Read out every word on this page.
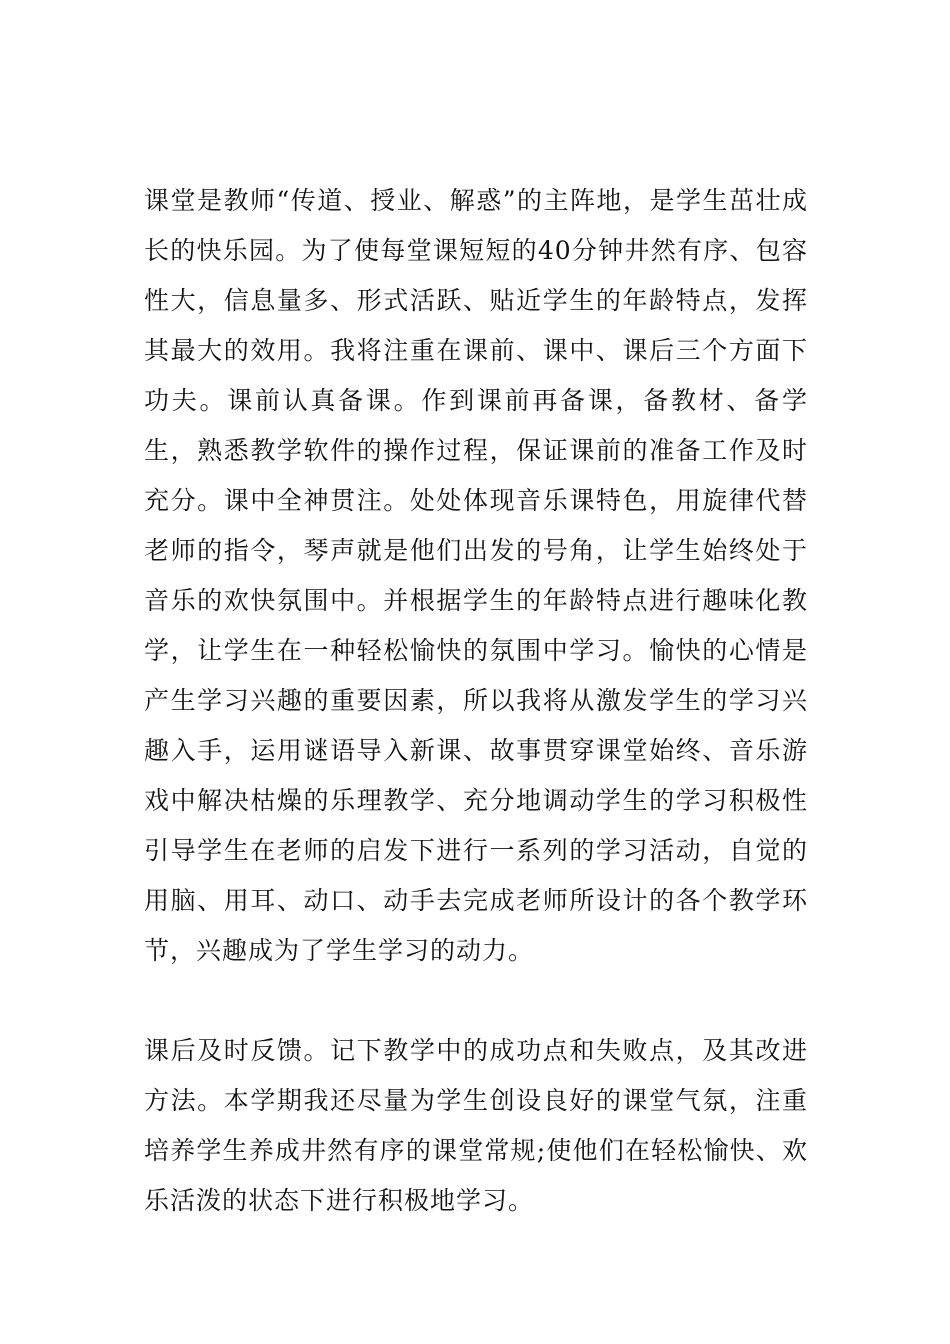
课堂是教师“传道、授业、解惑”的主阵地，是学生茁壮成长的快乐园。为了使每堂课短短的40分钟井然有序、包容性大，信息量多、形式活跃、贴近学生的年龄特点，发挥其最大的效用。我将注重在课前、课中、课后三个方面下功夫。课前认真备课。作到课前再备课，备教材、备学生，熟悉教学软件的操作过程，保证课前的准备工作及时充分。课中全神贯注。处处体现音乐课特色，用旋律代替老师的指令，琴声就是他们出发的号角，让学生始终处于音乐的欢快氛围中。并根据学生的年龄特点进行趣味化教学，让学生在一种轻松愉快的氛围中学习。愉快的心情是产生学习兴趣的重要因素，所以我将从激发学生的学习兴趣入手，运用谜语导入新课、故事贯穿课堂始终、音乐游戏中解决枯燥的乐理教学、充分地调动学生的学习积极性引导学生在老师的启发下进行一系列的学习活动，自觉的用脑、用耳、动口、动手去完成老师所设计的各个教学环节，兴趣成为了学生学习的动力。

课后及时反馈。记下教学中的成功点和失败点，及其改进方法。本学期我还尽量为学生创设良好的课堂气氛，注重培养学生养成井然有序的课堂常规;使他们在轻松愉快、欢乐活泼的状态下进行积极地学习。
